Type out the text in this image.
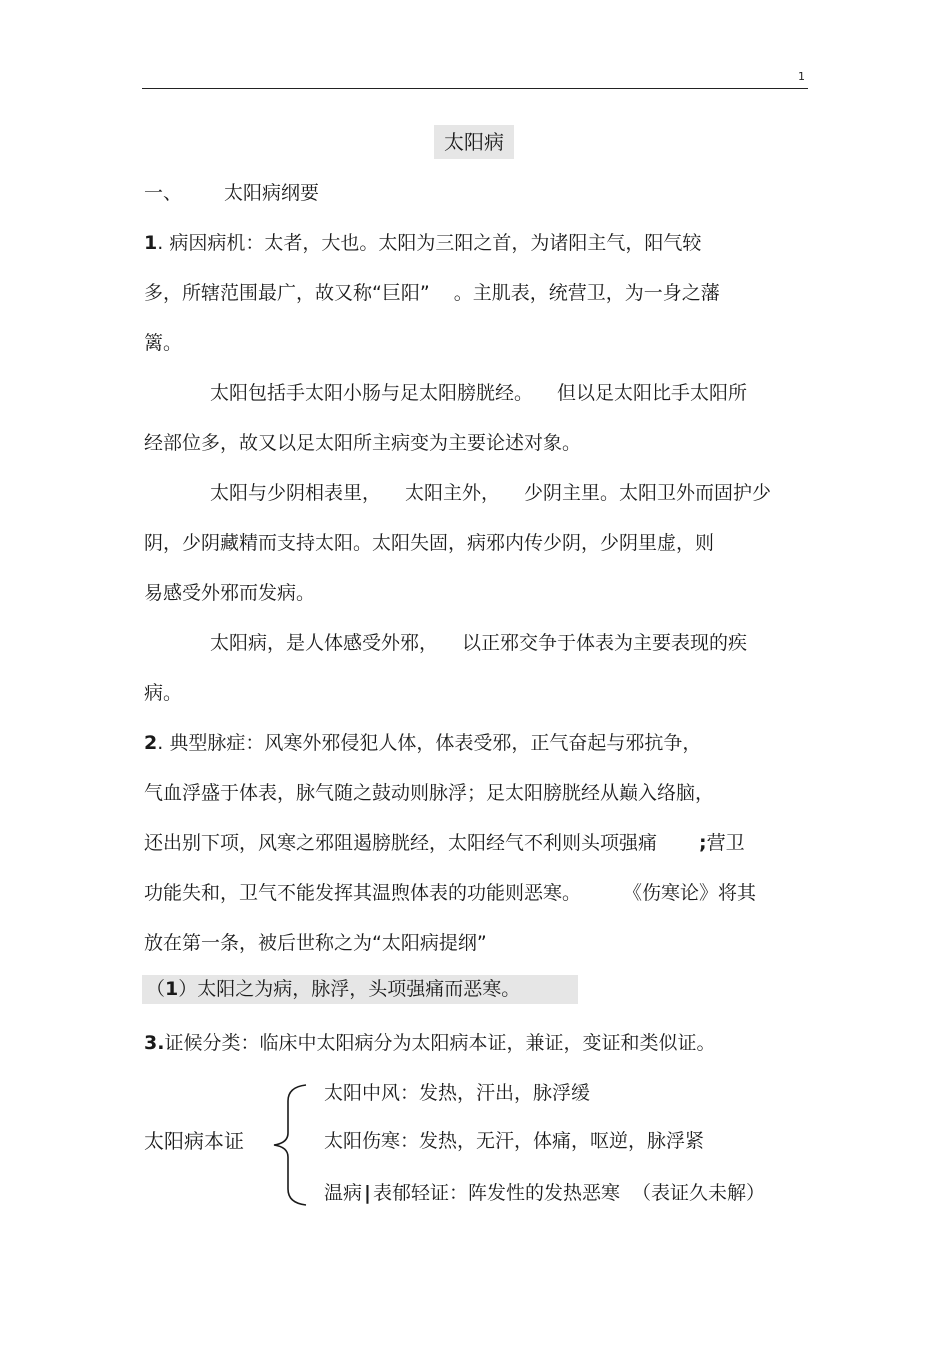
1
太阳病

一、 太阳病纲要

1. 病因病机：太者，大也。太阳为三阳之首，为诸阳主气，阳气较

多，所辖范围最广，故又称“巨阳” 。主肌表，统营卫，为一身之藩

篱。

太阳包括手太阳小肠与足太阳膀胱经。 但以足太阳比手太阳所

经部位多，故又以足太阳所主病变为主要论述对象。

太阳与少阴相表里， 太阳主外， 少阴主里。太阳卫外而固护少

阴，少阴藏精而支持太阳。太阳失固，病邪内传少阴，少阴里虚，则

易感受外邪而发病。

太阳病，是人体感受外邪， 以正邪交争于体表为主要表现的疾

病。

2. 典型脉症：风寒外邪侵犯人体，体表受邪，正气奋起与邪抗争，

气血浮盛于体表，脉气随之鼓动则脉浮；足太阳膀胱经从巅入络脑，

还出别下项，风寒之邪阻遏膀胱经，太阳经气不利则头项强痛 ;营卫

功能失和，卫气不能发挥其温煦体表的功能则恶寒。 《伤寒论》将其

放在第一条，被后世称之为“太阳病提纲”

（1）太阳之为病，脉浮，头项强痛而恶寒。

3.证候分类：临床中太阳病分为太阳病本证，兼证，变证和类似证。

太阳病本证

太阳中风：发热，汗出，脉浮缓

太阳伤寒：发热，无汗，体痛，呕逆，脉浮紧

温病 | 表郁轻证：阵发性的发热恶寒 （表证久未解）
